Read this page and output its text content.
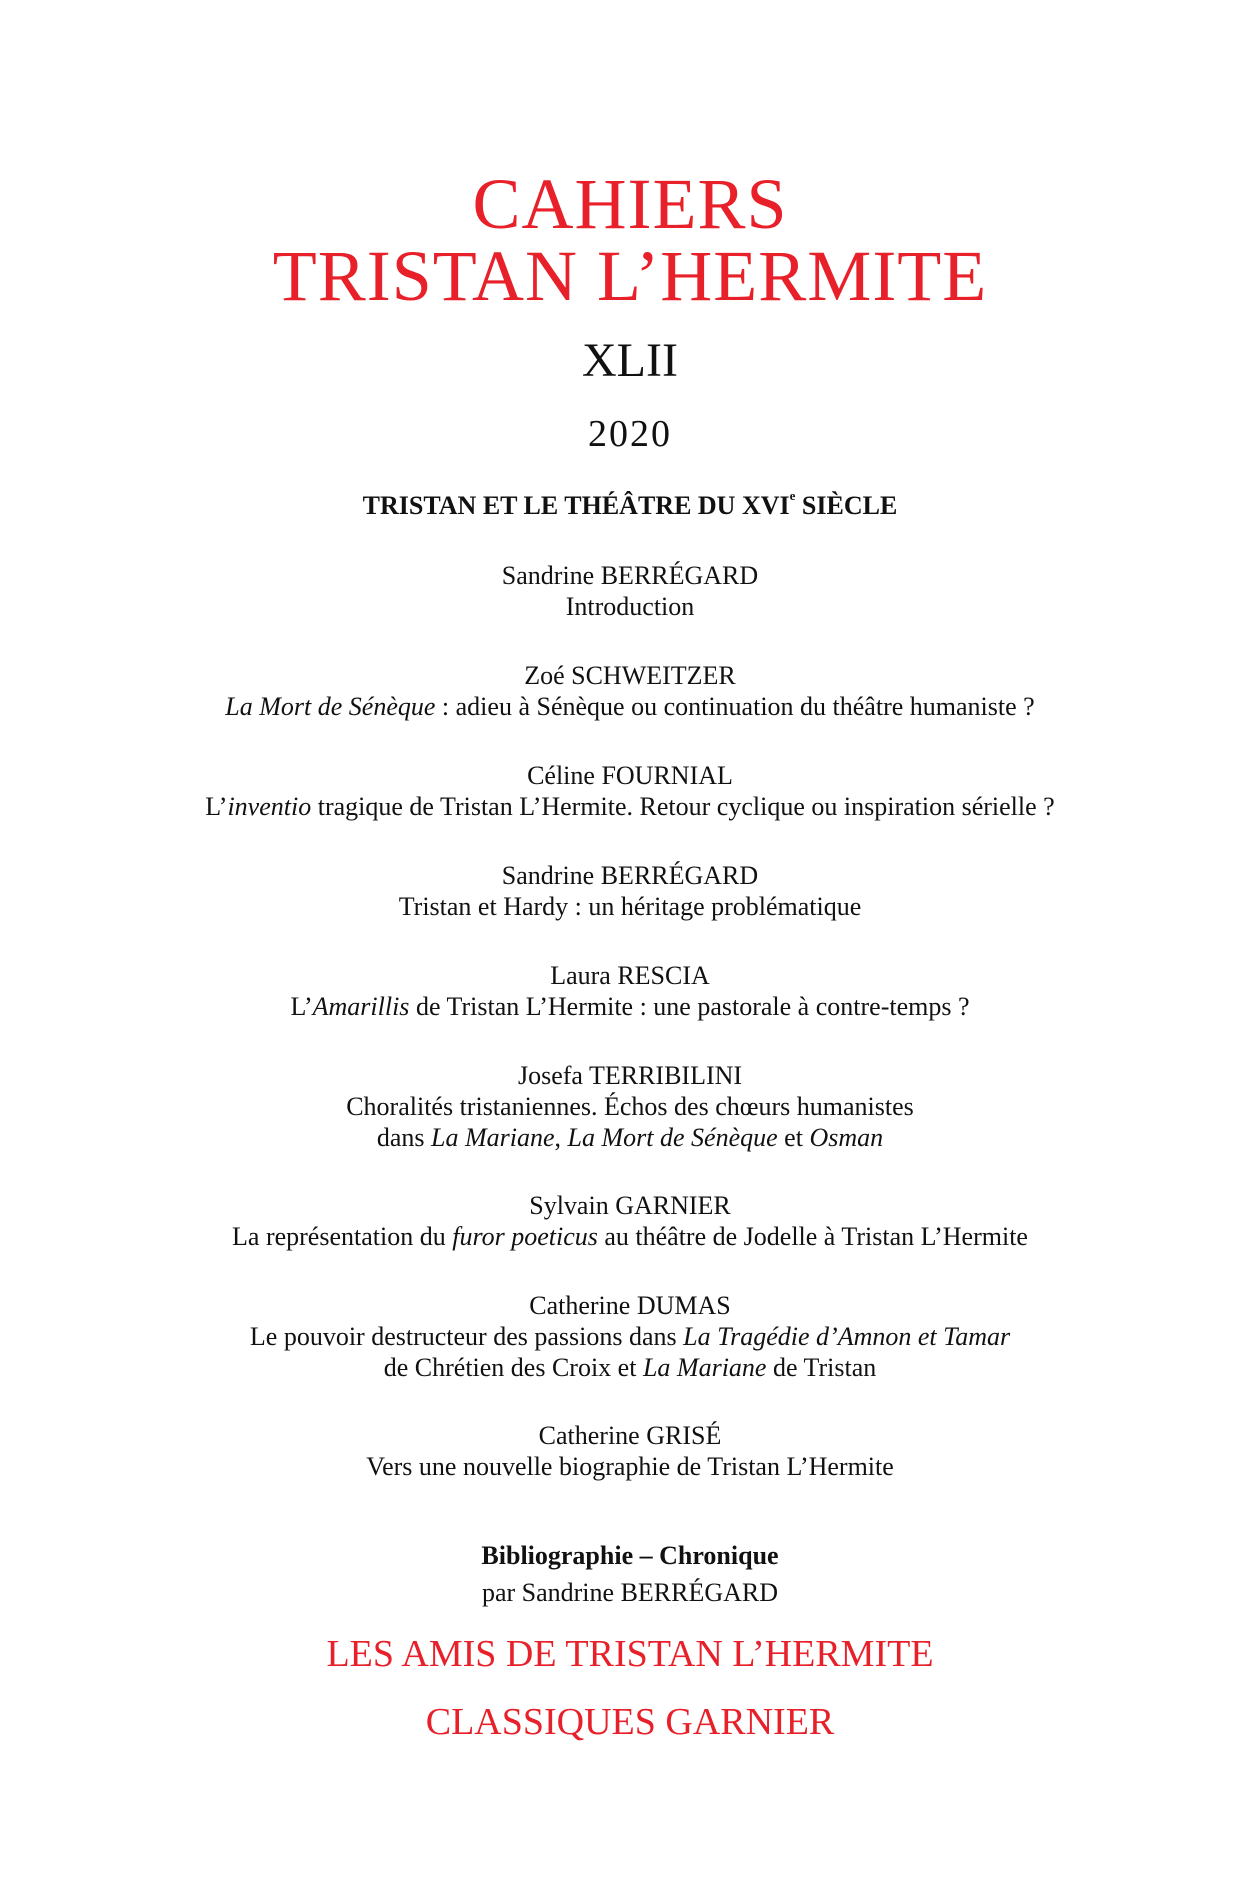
CAHIERS
TRISTAN L’HERMITE
XLII
2020
TRISTAN ET LE THÉÂTRE DU XVIe SIÈCLE
Sandrine BERRÉGARD
Introduction
Zoé SCHWEITZER
La Mort de Sénèque : adieu à Sénèque ou continuation du théâtre humaniste ?
Céline FOURNIAL
L’inventio tragique de Tristan L’Hermite. Retour cyclique ou inspiration sérielle ?
Sandrine BERRÉGARD
Tristan et Hardy : un héritage problématique
Laura RESCIA
L’Amarillis de Tristan L’Hermite : une pastorale à contre-temps ?
Josefa TERRIBILINI
Choralités tristaniennes. Échos des chœurs humanistes
dans La Mariane, La Mort de Sénèque et Osman
Sylvain GARNIER
La représentation du furor poeticus au théâtre de Jodelle à Tristan L’Hermite
Catherine DUMAS
Le pouvoir destructeur des passions dans La Tragédie d’Amnon et Tamar
de Chrétien des Croix et La Mariane de Tristan
Catherine GRISÉ
Vers une nouvelle biographie de Tristan L’Hermite
Bibliographie – Chronique
par Sandrine BERRÉGARD
LES AMIS DE TRISTAN L’HERMITE
CLASSIQUES GARNIER
